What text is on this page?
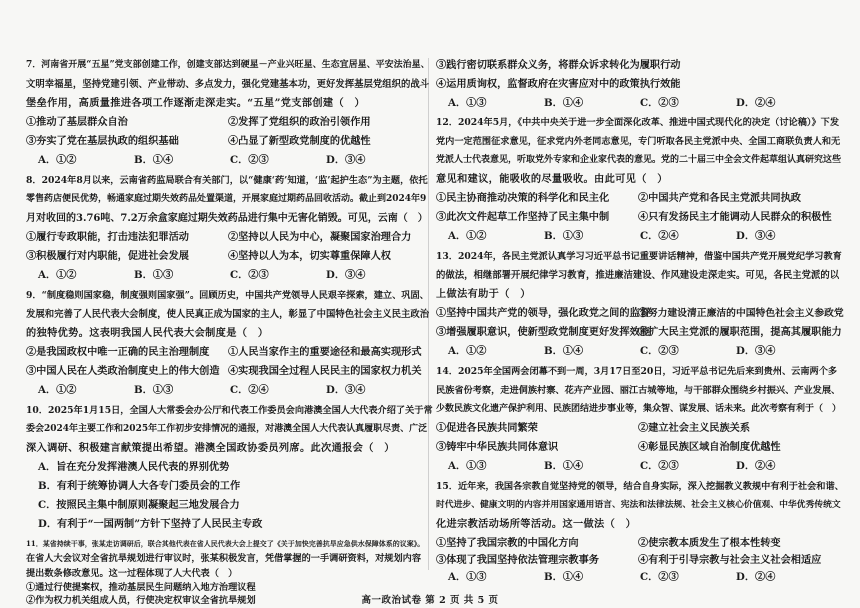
7．河南省开展“五星”党支部创建工作，创建支部达到硬星－产业兴旺星、生态宜居星、平安法治星、
文明幸福星，坚持党建引领、产业带动、多点发力，强化党建基本功，更好发挥基层党组织的战斗
堡垒作用，高质量推进各项工作逐渐走深走实。“五星”党支部创建（　）
①推动了基层群众自治	②发挥了党组织的政治引领作用
③夯实了党在基层执政的组织基础	④凸显了新型政党制度的优越性
A．①②	B．①④	C．②③	D．③④
8．2024年8月以来，云南省药监局联合有关部门，以“健康‘药’知道，‘监’起护生态”为主题，依托
零售药店便民优势，畅通家庭过期失效药品处置渠道，开展家庭过期药品回收活动。截止到2024年9
月对收回的3.76吨、7.2万余盒家庭过期失效药品进行集中无害化销毁。可见，云南（　）
①履行专政职能，打击违法犯罪活动	②坚持以人民为中心，凝聚国家治理合力
③积极履行对内职能，促进社会发展	④坚持以人为本，切实尊重保障人权
A．①②	B．①③	C．②③	D．③④
9．“制度稳则国家稳，制度强则国家强”。回顾历史，中国共产党领导人民艰辛探索，建立、巩固、
发展和完善了人民代表大会制度，使人民真正成为国家的主人，彰显了中国特色社会主义民主政治
的独特优势。这表明我国人民代表大会制度是（　）
②是我国政权中唯一正确的民主治理制度 ①人民当家作主的重要途径和最高实现形式
③中国人民在人类政治制度史上的伟大创造 ④实现我国全过程人民民主的国家权力机关
A．①②	B．①③	C．②④	D．③④
10．2025年1月15日，全国人大常委会办公厅和代表工作委员会向港澳全国人大代表介绍了关于常
委会2024年主要工作和2025年工作初步安排情况的通报，对港澳全国人大代表认真履职尽责、广泛
深入调研、积极建言献策提出希望。港澳全国政协委员列席。此次通报会（　）
A．旨在充分发挥港澳人民代表的界别优势
B．有利于统筹协调人大各专门委员会的工作
C．按照民主集中制原则凝聚起三地发展合力
D．有利于“一国两制”方针下坚持了人民民主专政
11．某省持续干事，张某走访调研后，联合其他代表在省人民代表大会上提交了《关于加快完善抗旱应急供水保障体系的议案》。
在省人大会议对全省抗旱规划进行审议时，张某积极发言，凭借掌握的一手调研资料，对规划内容
提出数条修改意见。这一过程体现了人大代表（　）
①通过行使提案权，推动基层民生问题纳入地方治理议程
②作为权力机关组成人员，行使决定权审议全省抗旱规划
③践行密切联系群众义务，将群众诉求转化为履职行动
④运用质询权，监督政府在灾害应对中的政策执行效能
A．①③	B．①④	C．②③	D．②④
12．2024年5月，《中共中央关于进一步全面深化改革、推进中国式现代化的决定（讨论稿）》下发
党内一定范围征求意见，征求党内外老同志意见，专门听取各民主党派中央、全国工商联负责人和无
党派人士代表意见，听取党外专家和企业家代表的意见。党的二十届三中全会文件起草组认真研究这些
意见和建议，能吸收的尽量吸收。由此可见（　）
①民主协商推动决策的科学化和民主化	②中国共产党和各民主党派共同执政
③此次文件起草工作坚持了民主集中制	④只有发扬民主才能调动人民群众的积极性
A．①②	B．①③	C．②④	D．③④
13．2024年，各民主党派认真学习习近平总书记重要讲话精神，借鉴中国共产党开展党纪学习教育
的做法，相继部署开展纪律学习教育，推进廉洁建设、作风建设走深走实。可见，各民主党派的以
上做法有助于（　）
①坚持中国共产党的领导，强化政党之间的监督
②努力建设清正廉洁的中国特色社会主义参政党
③增强履职意识，使新型政党制度更好发挥效能
④扩大民主党派的履职范围，提高其履职能力
A．①②	B．①④	C．②③	D．③④
14．2025年全国两会闭幕不到一周，3月17日至20日，习近平总书记先后来到贵州、云南两个多
民族省份考察，走进侗族村寨、花卉产业园、丽江古城等地，与干部群众围绕乡村振兴、产业发展、
少数民族文化遗产保护利用、民族团结进步事业等，集众智、谋发展、话未来。此次考察有利于（　）
①促进各民族共同繁荣	②建立社会主义民族关系
③铸牢中华民族共同体意识	④彰显民族区域自治制度优越性
A．①③	B．①④	C．②③	D．②④
15．近年来，我国各宗教自觉坚持党的领导，结合自身实际，深入挖掘教义教规中有利于社会和谐、
时代进步、健康文明的内容并用国家通用语言、宪法和法律法规、社会主义核心价值观、中华优秀传统文
化进宗教活动场所等活动。这一做法（　）
①坚持了我国宗教的中国化方向	②使宗教本质发生了根本性转变
③体现了我国坚持依法管理宗教事务	④有利于引导宗教与社会主义社会相适应
A．①③	B．①④	C．②③	D．②④
高一政治试卷 第 2 页 共 5 页
